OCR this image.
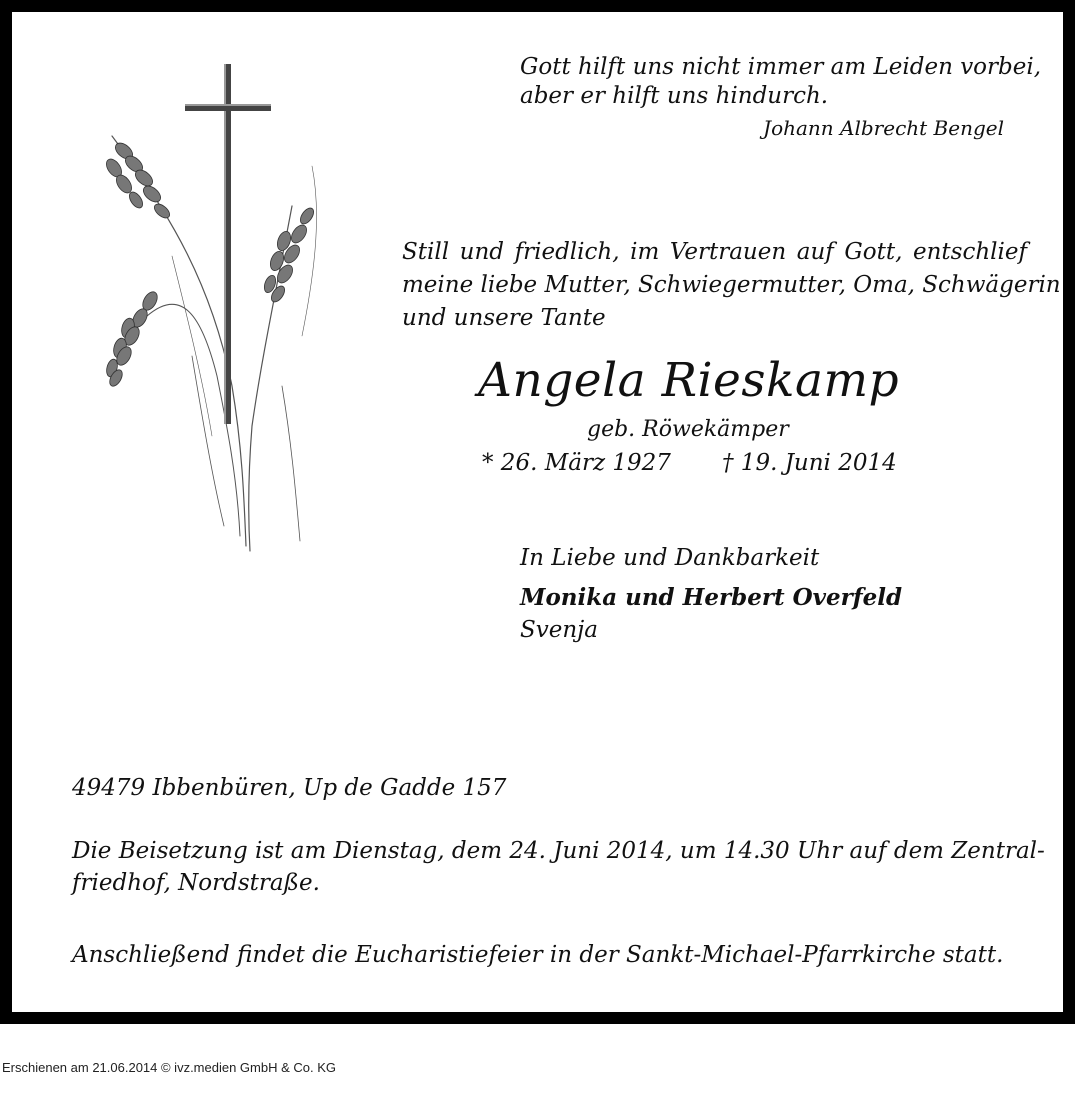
Gott hilft uns nicht immer am Leiden vorbei,
aber er hilft uns hindurch.
Johann Albrecht Bengel
Still und friedlich, im Vertrauen auf Gott, entschlief
meine liebe Mutter, Schwiegermutter, Oma, Schwägerin
und unsere Tante
Angela Rieskamp
geb. Röwekämper
* 26. März 1927 † 19. Juni 2014
In Liebe und Dankbarkeit
Monika und Herbert Overfeld
Svenja
49479 Ibbenbüren, Up de Gadde 157
Die Beisetzung ist am Dienstag, dem 24. Juni 2014, um 14.30 Uhr auf dem Zentral-
friedhof, Nordstraße.
Anschließend findet die Eucharistiefeier in der Sankt-Michael-Pfarrkirche statt.
Erschienen am 21.06.2014 © ivz.medien GmbH & Co. KG
